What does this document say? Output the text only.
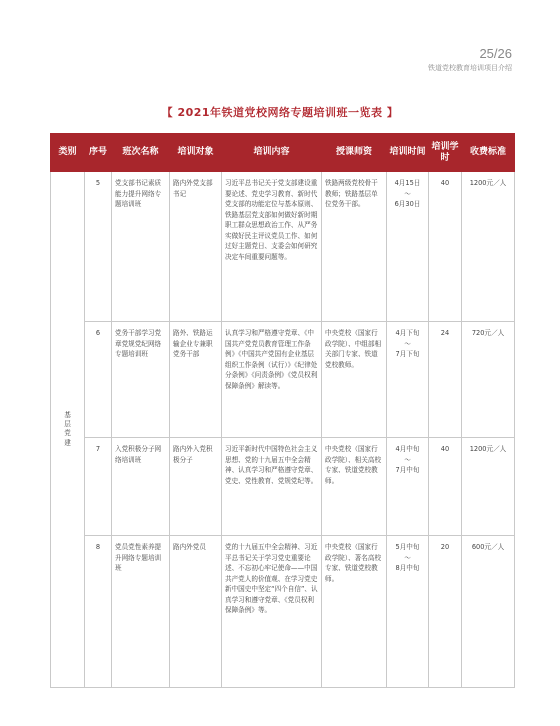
25/26
铁道党校教育培训项目介绍
【 2021年铁道党校网络专题培训班一览表 】
类别	序号	班次名称	培训对象	培训内容	授课师资	培训时间	培训学时	收费标准
基层党建	5	党支部书记素质能力提升网络专题培训班	路内外党支部书记	习近平总书记关于党支部建设重要论述、党史学习教育、新时代党支部的功能定位与基本原则、铁路基层党支部如何做好新时期职工群众思想政治工作、从严务实做好民主评议党员工作、如何过好主题党日、支委会如何研究决定车间重要问题等。	铁路两级党校骨干教师；铁路基层单位党务干部。	4月15日
～
6月30日	40	1200元／人
	6	党务干部学习党章党规党纪网络专题培训班	路外、铁路运输企业专兼职党务干部	认真学习和严格遵守党章、《中国共产党党员教育管理工作条例》《中国共产党国有企业基层组织工作条例（试行）》《纪律处分条例》《问责条例》《党员权利保障条例》解读等。	中央党校（国家行政学院）、中组部相关部门专家、铁道党校教师。	4月下旬
～
7月下旬	24	720元／人
	7	入党积极分子网络培训班	路内外入党积极分子	习近平新时代中国特色社会主义思想、党的十九届五中全会精神、认真学习和严格遵守党章、党史、党性教育、党规党纪等。	中央党校（国家行政学院）、相关高校专家、铁道党校教师。	4月中旬
～
7月中旬	40	1200元／人
	8	党员党性素养提升网络专题培训班	路内外党员	党的十九届五中全会精神、习近平总书记关于学习党史重要论述、不忘初心牢记使命——中国共产党人的价值观、在学习党史新中国史中坚定“四个自信”、认真学习和遵守党章、《党员权利保障条例》等。	中央党校（国家行政学院）、著名高校专家、铁道党校教师。	5月中旬
～
8月中旬	20	600元／人
